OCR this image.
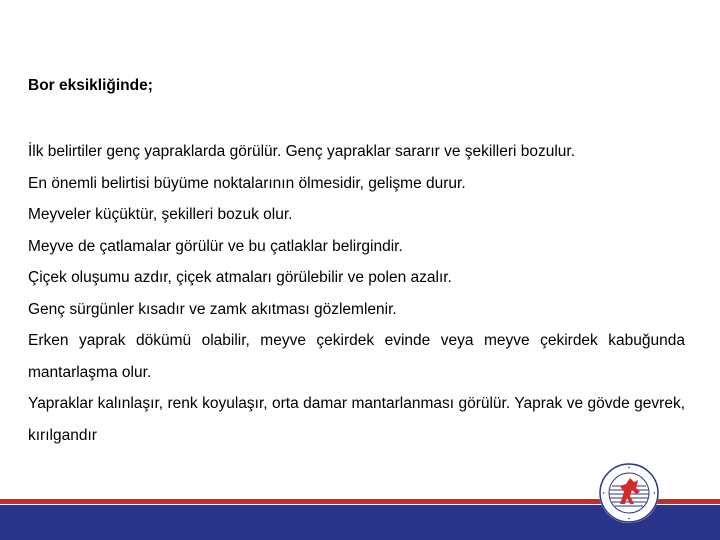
Bor eksikliğinde;

İlk belirtiler genç yapraklarda görülür. Genç yapraklar sararır ve şekilleri bozulur.

En önemli belirtisi büyüme noktalarının ölmesidir, gelişme durur.

Meyveler küçüktür, şekilleri bozuk olur.

Meyve de çatlamalar görülür ve bu çatlaklar belirgindir.

Çiçek oluşumu azdır, çiçek atmaları görülebilir ve polen azalır.

Genç sürgünler kısadır ve zamk akıtması gözlemlenir.

Erken yaprak dökümü olabilir, meyve çekirdek evinde veya meyve çekirdek kabuğunda mantarlaşma olur.

Yapraklar kalınlaşır, renk koyulaşır, orta damar mantarlanması görülür. Yaprak ve gövde gevrek, kırılgandır
